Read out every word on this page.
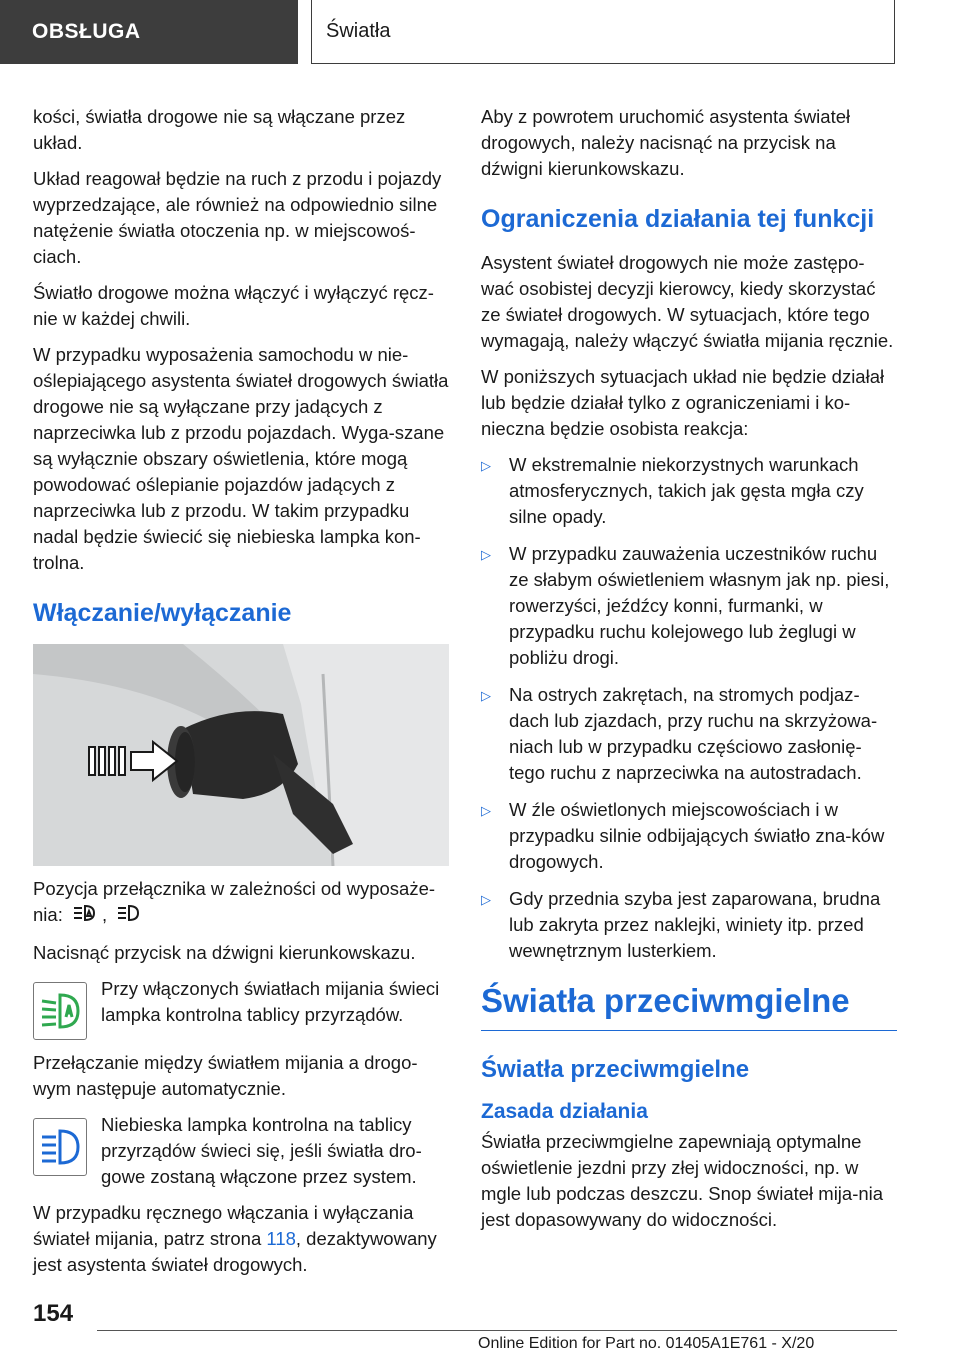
OBSŁUGA	Światła

kości, światła drogowe nie są włączane przez układ.

Układ reagował będzie na ruch z przodu i pojazdy wyprzedzające, ale również na odpowiednio silne natężenie światła otoczenia np. w miejscowoś‐ciach.

Światło drogowe można włączyć i wyłączyć ręcz‐nie w każdej chwili.

W przypadku wyposażenia samochodu w nie‐oślepiającego asystenta świateł drogowych światła drogowe nie są wyłączane przy jadących z naprzeciwka lub z przodu pojazdach. Wyga‐szane są wyłącznie obszary oświetlenia, które mogą powodować oślepianie pojazdów jadących z naprzeciwka lub z przodu. W takim przypadku nadal będzie świecić się niebieska lampka kon‐trolna.

Włączanie/wyłączanie

Pozycja przełącznika w zależności od wyposaże‐nia: ,

Nacisnąć przycisk na dźwigni kierunkowskazu.

Przy włączonych światłach mijania świeci lampka kontrolna tablicy przyrządów.

Przełączanie między światłem mijania a drogo‐wym następuje automatycznie.

Niebieska lampka kontrolna na tablicy przyrządów świeci się, jeśli światła dro‐gowe zostaną włączone przez system.

W przypadku ręcznego włączania i wyłączania świateł mijania, patrz strona 118, dezaktywowany jest asystenta świateł drogowych.

Aby z powrotem uruchomić asystenta świateł drogowych, należy nacisnąć na przycisk na dźwigni kierunkowskazu.

Ograniczenia działania tej funkcji

Asystent świateł drogowych nie może zastępo‐wać osobistej decyzji kierowcy, kiedy skorzystać ze świateł drogowych. W sytuacjach, które tego wymagają, należy włączyć światła mijania ręcznie.

W poniższych sytuacjach układ nie będzie działał lub będzie działał tylko z ograniczeniami i ko‐nieczna będzie osobista reakcja:

▷ W ekstremalnie niekorzystnych warunkach atmosferycznych, takich jak gęsta mgła czy silne opady.
▷ W przypadku zauważenia uczestników ruchu ze słabym oświetleniem własnym jak np. piesi, rowerzyści, jeźdźcy konni, furmanki, w przypadku ruchu kolejowego lub żeglugi w pobliżu drogi.
▷ Na ostrych zakrętach, na stromych podjaz‐dach lub zjazdach, przy ruchu na skrzyżowa‐niach lub w przypadku częściowo zasłonię‐tego ruchu z naprzeciwka na autostradach.
▷ W źle oświetlonych miejscowościach i w przypadku silnie odbijających światło zna‐ków drogowych.
▷ Gdy przednia szyba jest zaparowana, brudna lub zakryta przez naklejki, winiety itp. przed wewnętrznym lusterkiem.
Światła przeciwmgielne
Światła przeciwmgielne
Zasada działania

Światła przeciwmgielne zapewniają optymalne oświetlenie jezdni przy złej widoczności, np. w mgle lub podczas deszczu. Snop świateł mija‐nia jest dopasowywany do widoczności.

154
Online Edition for Part no. 01405A1E761 - X/20
